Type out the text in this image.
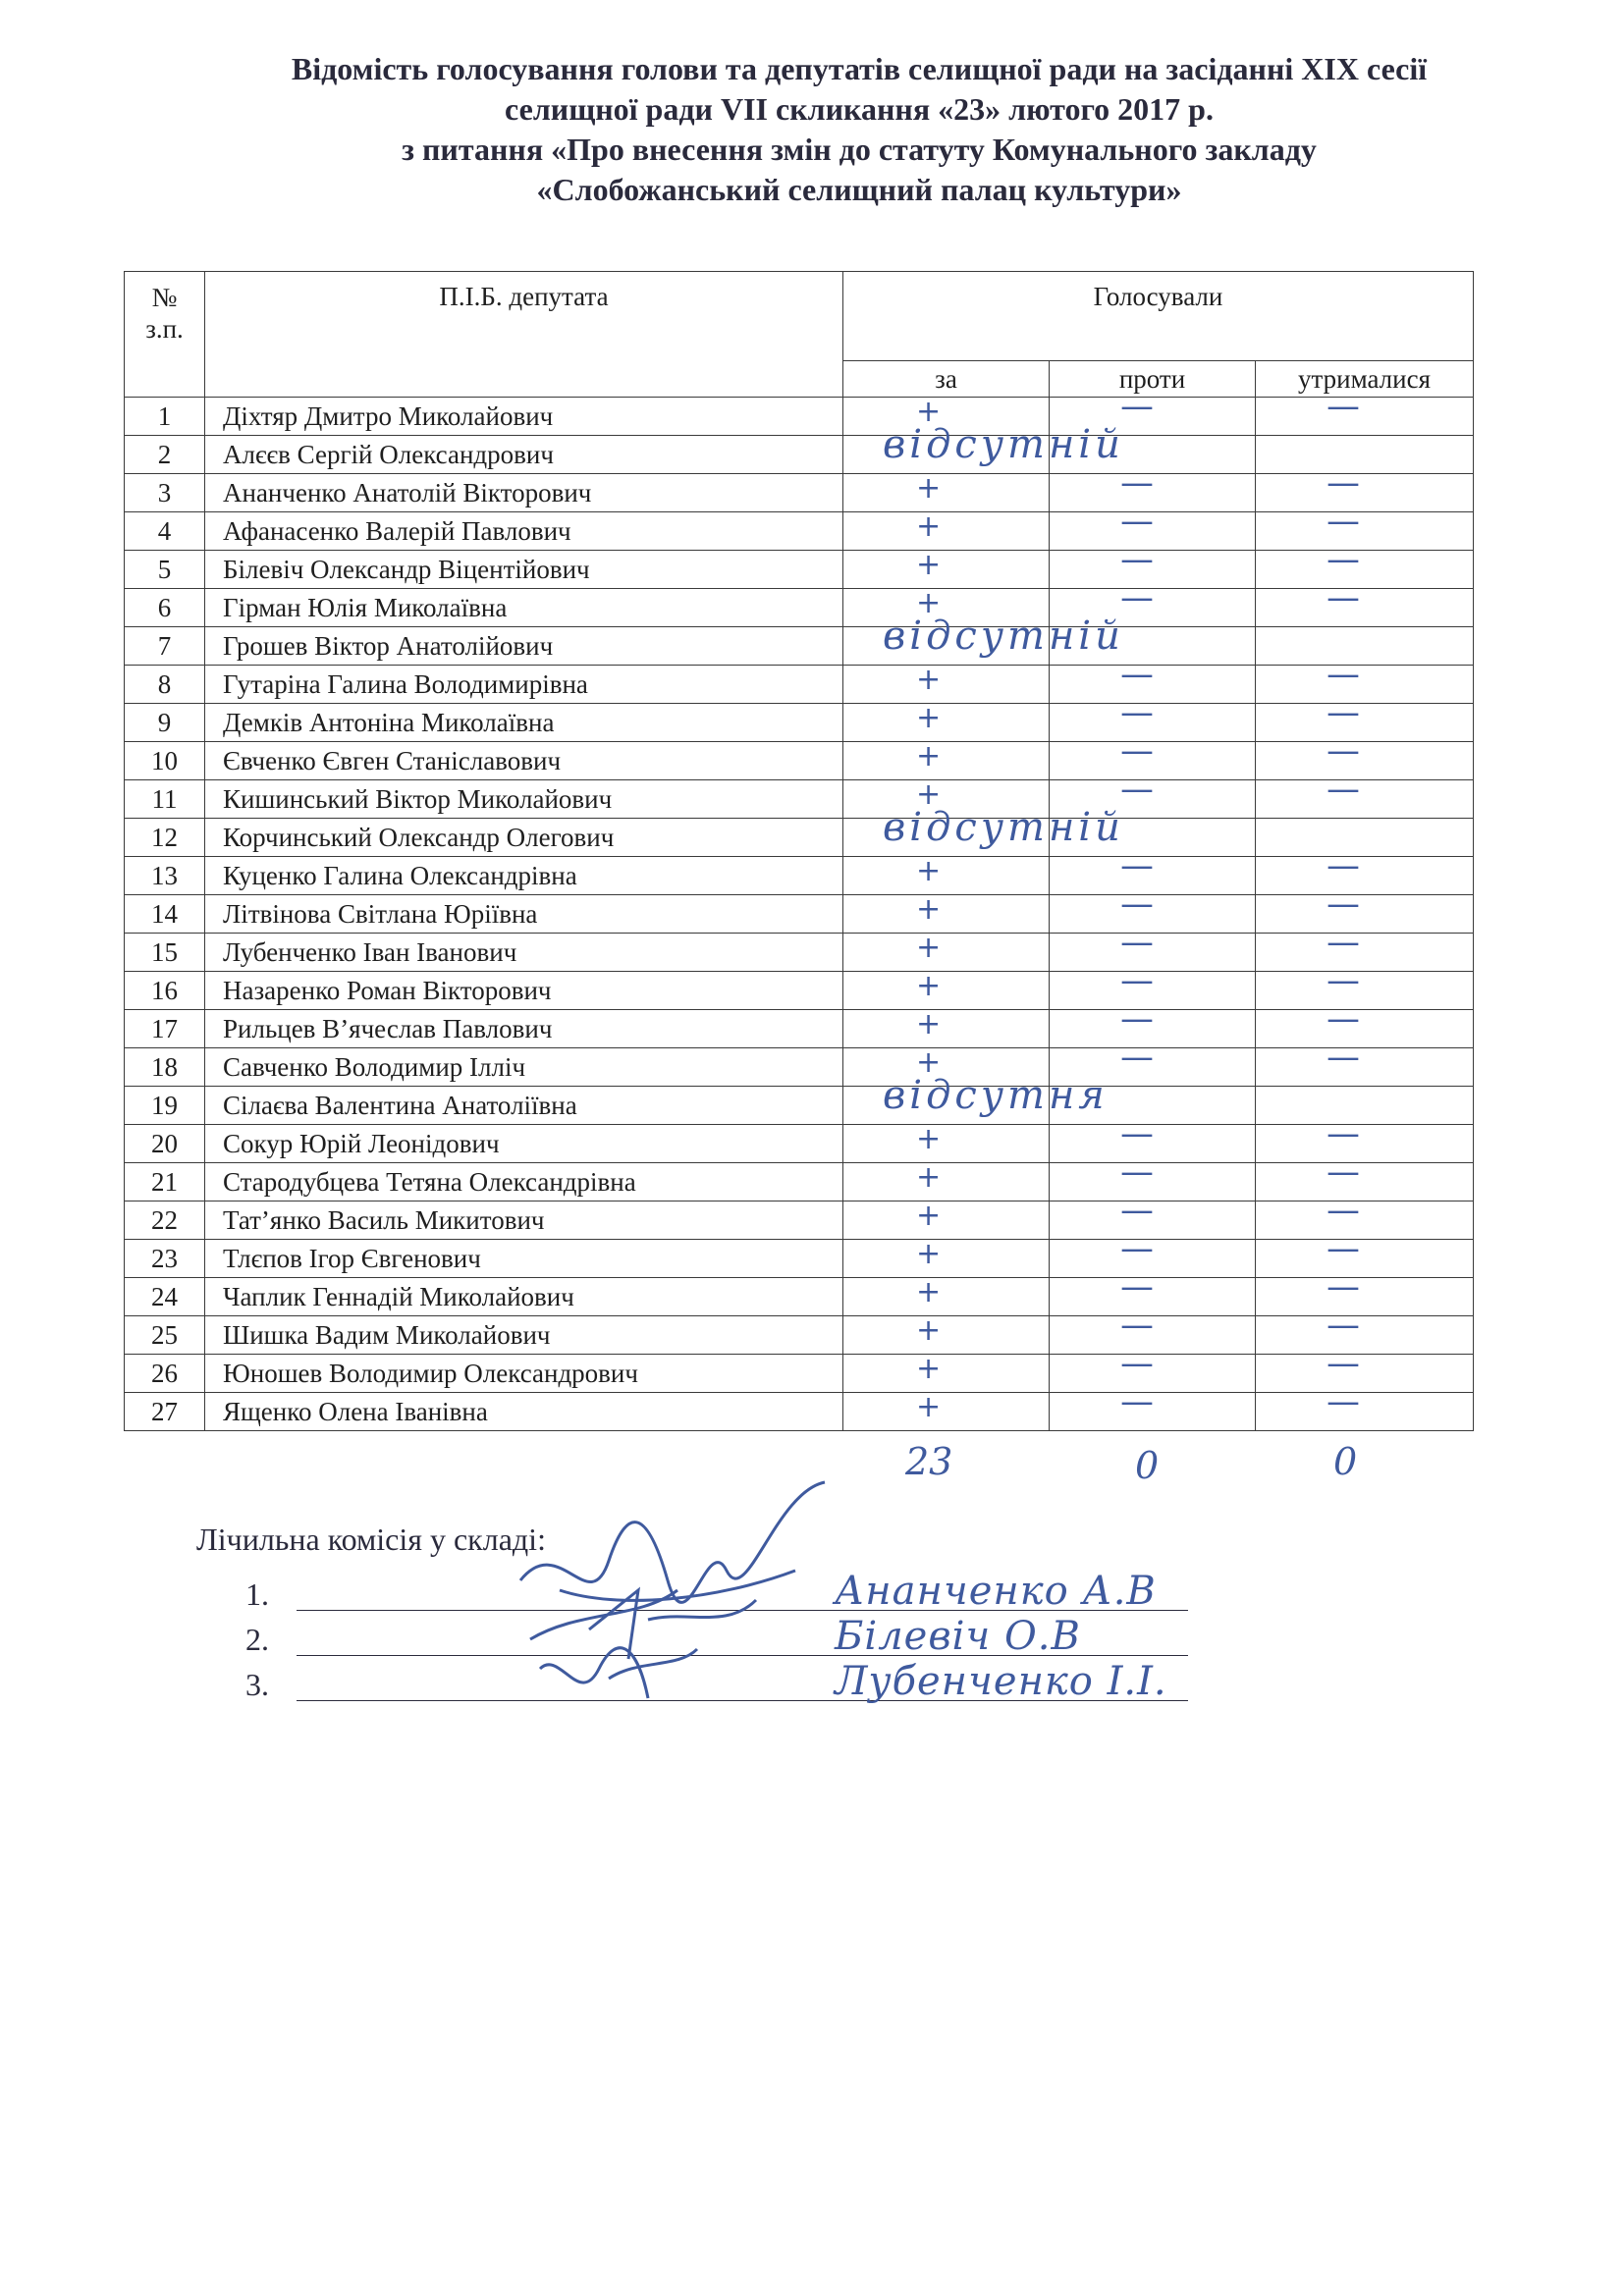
Відомість голосування голови та депутатів селищної ради на засіданні XIX сесії
селищної ради VII скликання «23» лютого 2017 р.
з питання «Про внесення змін до статуту Комунального закладу
«Слобожанський селищний палац культури»
№ з.п.	П.І.Б. депутата	Голосували		
		за	проти	утрималися
1	Діхтяр Дмитро Миколайович	+	—	—

2	Алєєв Сергій Олександрович	відсутній		

3	Ананченко Анатолій Вікторович	+	—	—

4	Афанасенко Валерій Павлович	+	—	—

5	Білевіч Олександр Віцентійович	+	—	—

6	Гірман Юлія Миколаївна	+	—	—

7	Грошев Віктор Анатолійович	відсутній		

8	Гутаріна Галина Володимирівна	+	—	—

9	Демків Антоніна Миколаївна	+	—	—

10	Євченко Євген Станіславович	+	—	—

11	Кишинський Віктор Миколайович	+	—	—

12	Корчинський Олександр Олегович	відсутній		

13	Куценко Галина Олександрівна	+	—	—

14	Літвінова Світлана Юріївна	+	—	—

15	Лубенченко Іван Іванович	+	—	—

16	Назаренко Роман Вікторович	+	—	—

17	Рильцев В’ячеслав Павлович	+	—	—

18	Савченко Володимир Ілліч	+	—	—

19	Сілаєва Валентина Анатоліївна	відсутня		

20	Сокур Юрій Леонідович	+	—	—

21	Стародубцева Тетяна Олександрівна	+	—	—

22	Тат’янко Василь Микитович	+	—	—

23	Тлєпов Ігор Євгенович	+	—	—

24	Чаплик Геннадій Миколайович	+	—	—

25	Шишка Вадим Миколайович	+	—	—

26	Юношев Володимир Олександрович	+	—	—

27	Ященко Олена Іванівна	+	—	—
23	0	0
Лічильна комісія у складі:
1.	Ананченко А.В
2.	Білевіч О.В
3.	Лубенченко І.І.
